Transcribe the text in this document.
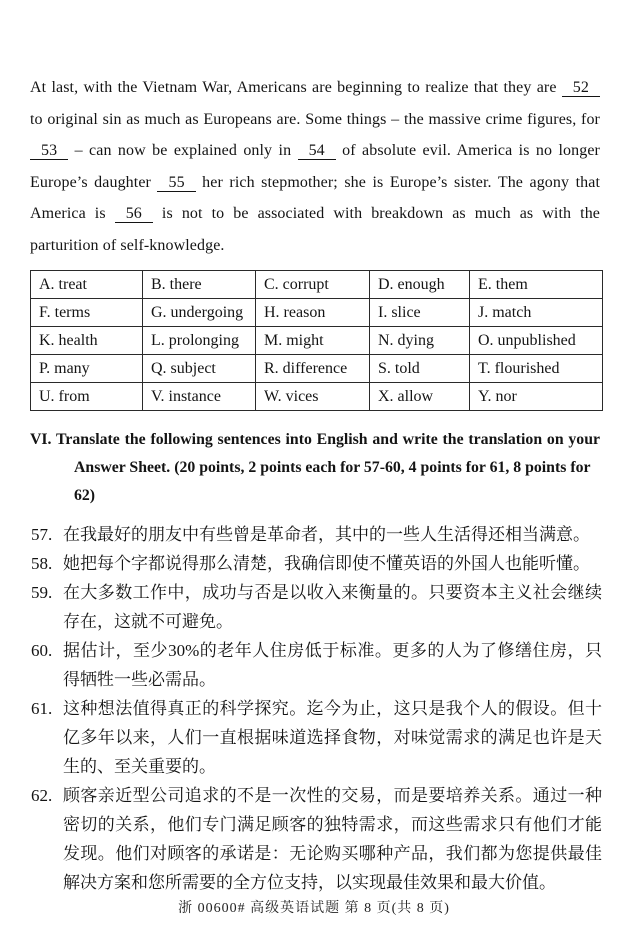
At last, with the Vietnam War, Americans are beginning to realize that they are 52 to original sin as much as Europeans are. Some things – the massive crime figures, for 53 – can now be explained only in 54 of absolute evil. America is no longer Europe’s daughter 55 her rich stepmother; she is Europe’s sister. The agony that America is 56 is not to be associated with breakdown as much as with the parturition of self-knowledge.

A. treat	B. there	C. corrupt	D. enough	E. them
F. terms	G. undergoing	H. reason	I. slice	J. match
K. health	L. prolonging	M. might	N. dying	O. unpublished
P. many	Q. subject	R. difference	S. told	T. flourished
U. from	V. instance	W. vices	X. allow	Y. nor
VI. Translate the following sentences into English and write the translation on your
Answer Sheet. (20 points, 2 points each for 57-60, 4 points for 61, 8 points for 62)
57. 在我最好的朋友中有些曾是革命者，其中的一些人生活得还相当满意。
58. 她把每个字都说得那么清楚，我确信即使不懂英语的外国人也能听懂。
59. 在大多数工作中，成功与否是以收入来衡量的。只要资本主义社会继续存在，这就不可避免。
60. 据估计，至少30%的老年人住房低于标准。更多的人为了修缮住房，只得牺牲一些必需品。
61. 这种想法值得真正的科学探究。迄今为止，这只是我个人的假设。但十亿多年以来，人们一直根据味道选择食物，对味觉需求的满足也许是天生的、至关重要的。
62. 顾客亲近型公司追求的不是一次性的交易，而是要培养关系。通过一种密切的关系，他们专门满足顾客的独特需求，而这些需求只有他们才能发现。他们对顾客的承诺是：无论购买哪种产品，我们都为您提供最佳解决方案和您所需要的全方位支持，以实现最佳效果和最大价值。
浙 00600# 高级英语试题 第 8 页(共 8 页)
